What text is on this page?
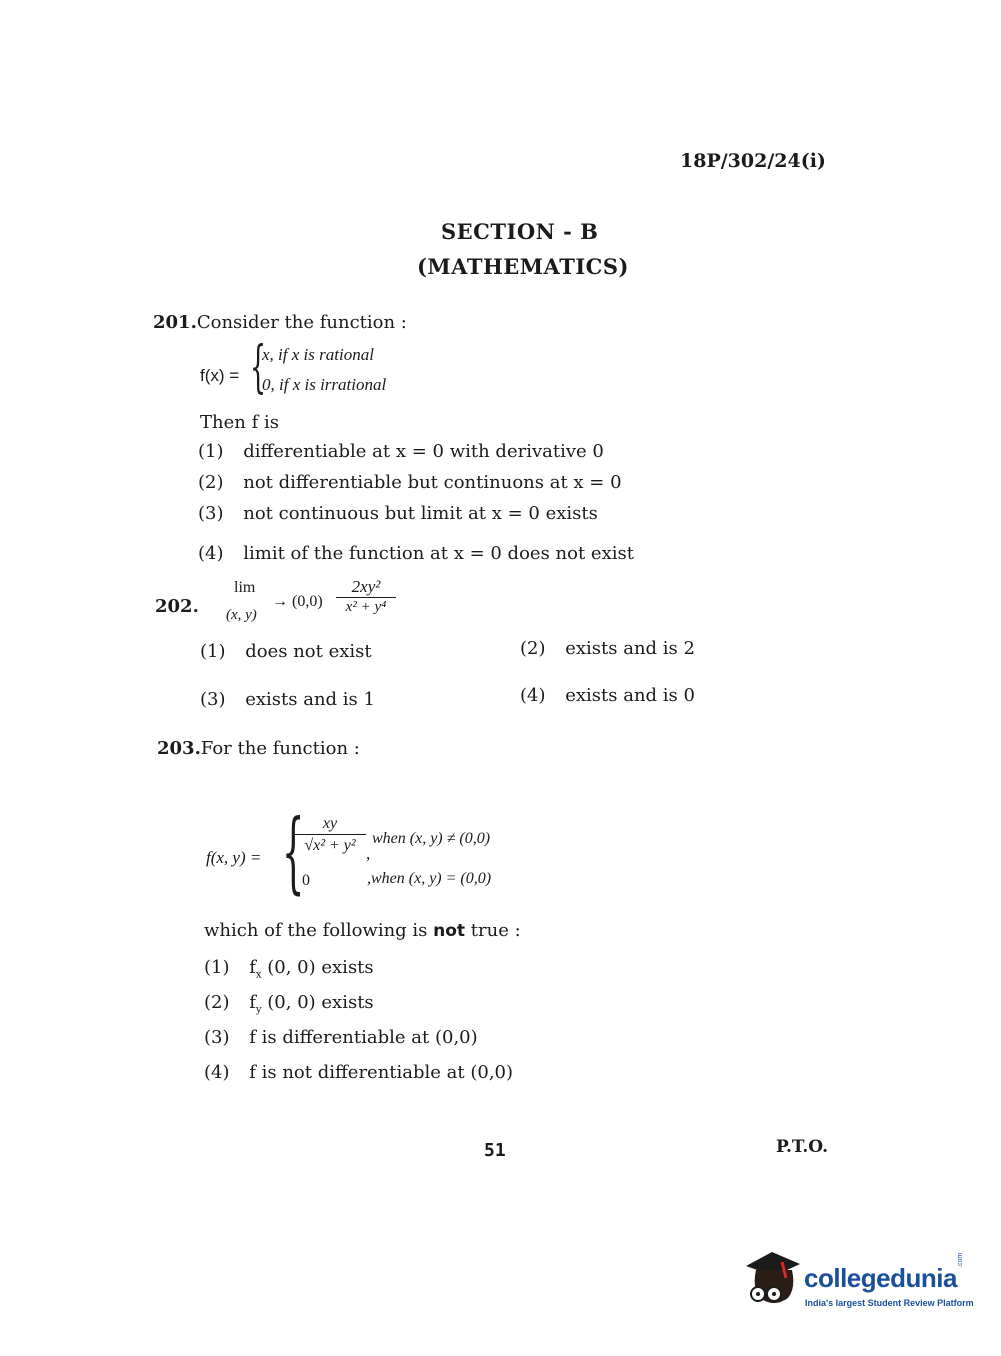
18P/302/24(i)
SECTION - B
(MATHEMATICS)
201.Consider the function :
f(x) = {
x, if x is rational
0, if x is irrational
Then f is
(1) differentiable at x = 0 with derivative 0
(2) not differentiable but continuons at x = 0
(3) not continuous but limit at x = 0 exists
(4) limit of the function at x = 0 does not exist
202.
lim
(x, y)
→ (0,0)
2xy²
x² + y⁴
(1) does not exist	(2) exists and is 2
(3) exists and is 1	(4) exists and is 0
203.For the function :
f(x, y) = {	xy
√x² + y² ,
when (x, y) ≠ (0,0)
0	,when (x, y) = (0,0)
which of the following is not true :
(1) $f_x$ (0, 0) exists
(2) $f_y$ (0, 0) exists
(3) f is differentiable at (0,0)
(4) f is not differentiable at (0,0)
51	P.T.O.
collegedunia
.com
India's largest Student Review Platform
